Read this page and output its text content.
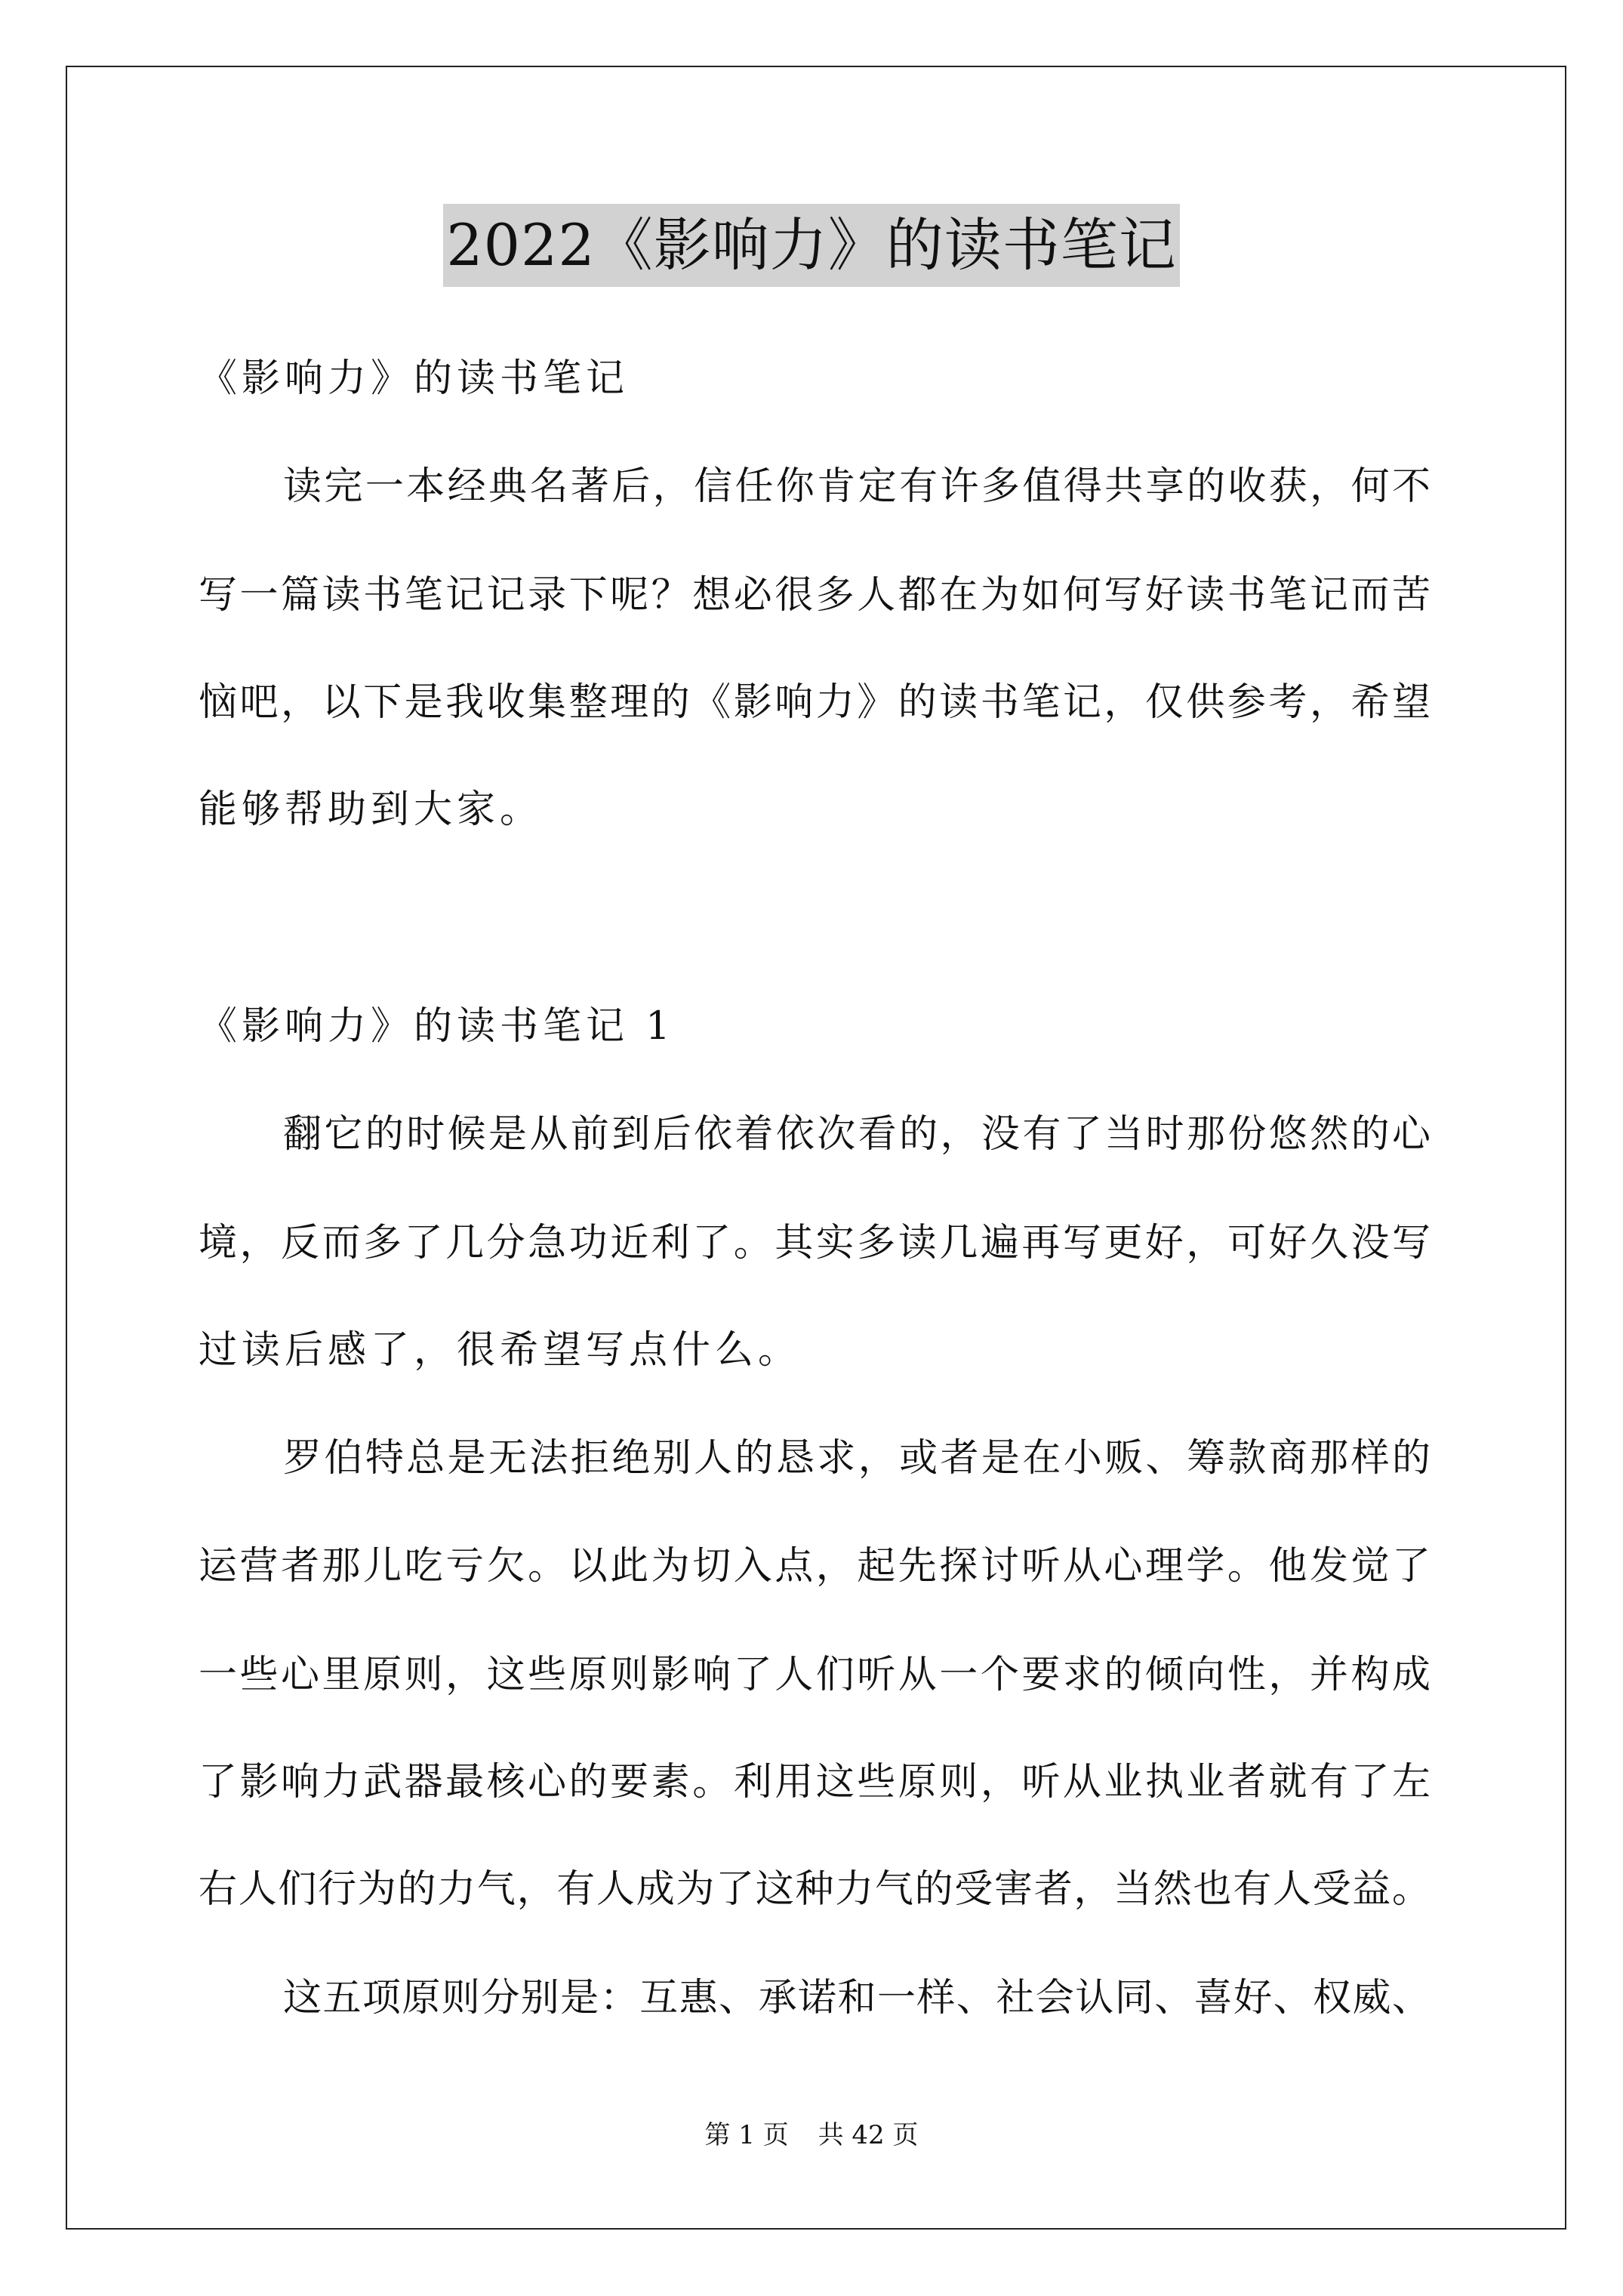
2022《影响力》的读书笔记
《影响力》的读书笔记
读完一本经典名著后，信任你肯定有许多值得共享的收获，何不
写一篇读书笔记记录下呢？想必很多人都在为如何写好读书笔记而苦
恼吧，以下是我收集整理的《影响力》的读书笔记，仅供参考，希望
能够帮助到大家。
《影响力》的读书笔记 1
翻它的时候是从前到后依着依次看的，没有了当时那份悠然的心
境，反而多了几分急功近利了。其实多读几遍再写更好，可好久没写
过读后感了，很希望写点什么。
罗伯特总是无法拒绝别人的恳求，或者是在小贩、筹款商那样的
运营者那儿吃亏欠。以此为切入点，起先探讨听从心理学。他发觉了
一些心里原则，这些原则影响了人们听从一个要求的倾向性，并构成
了影响力武器最核心的要素。利用这些原则，听从业执业者就有了左
右人们行为的力气，有人成为了这种力气的受害者，当然也有人受益。
这五项原则分别是：互惠、承诺和一样、社会认同、喜好、权威、
第 1 页 共 42 页
